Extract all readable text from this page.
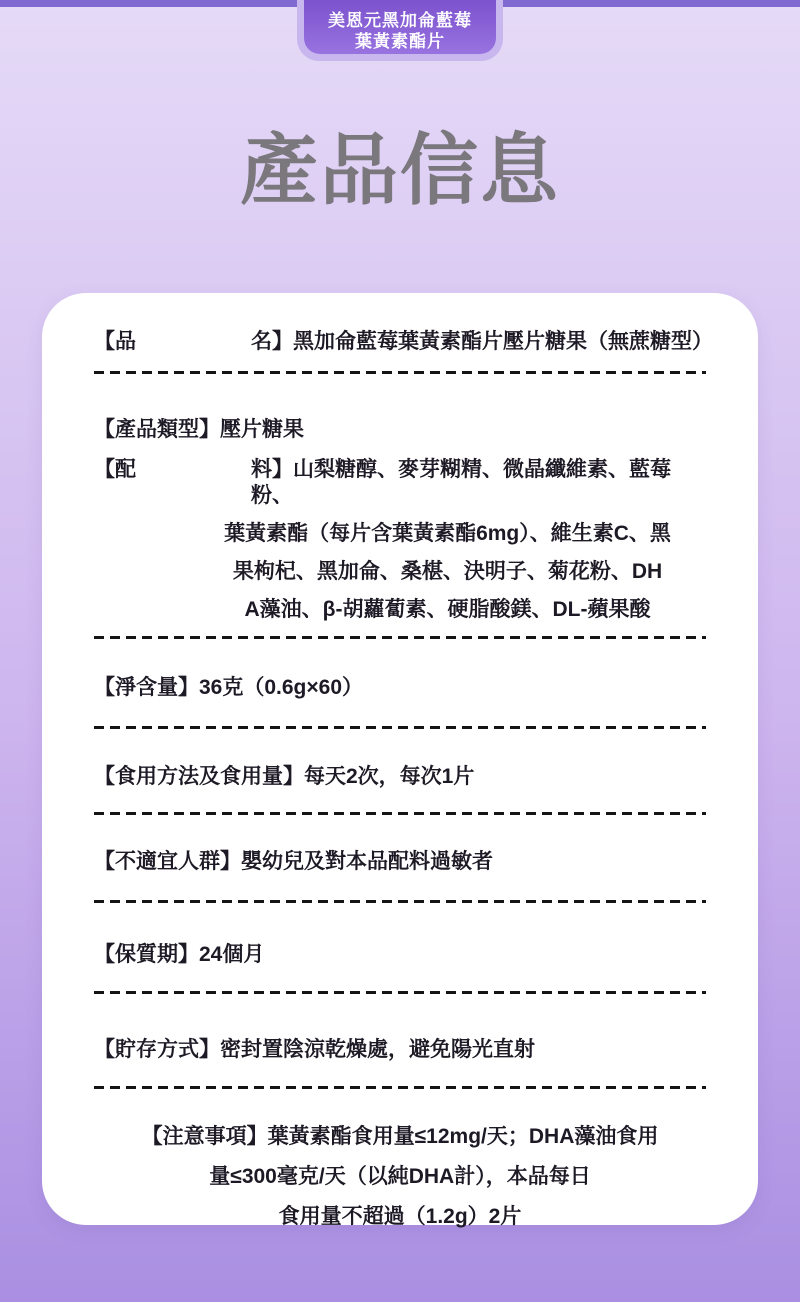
美恩元黑加侖藍莓
葉黃素酯片
產品信息
【品	名】黑加侖藍莓葉黃素酯片壓片糖果（無蔗糖型）
【產品類型】壓片糖果
【配	料】山梨糖醇、麥芽糊精、微晶纖維素、藍莓粉、
葉黃素酯（每片含葉黃素酯6mg）、維生素C、黑
果枸杞、黑加侖、桑椹、決明子、菊花粉、DH
A藻油、β-胡蘿蔔素、硬脂酸鎂、DL-蘋果酸
【淨含量】36克（0.6g×60）
【食用方法及食用量】每天2次，每次1片
【不適宜人群】嬰幼兒及對本品配料過敏者
【保質期】24個月
【貯存方式】密封置陰涼乾燥處，避免陽光直射
【注意事項】葉黃素酯食用量≤12mg/天；DHA藻油食用
量≤300毫克/天（以純DHA計），本品每日
食用量不超過（1.2g）2片
